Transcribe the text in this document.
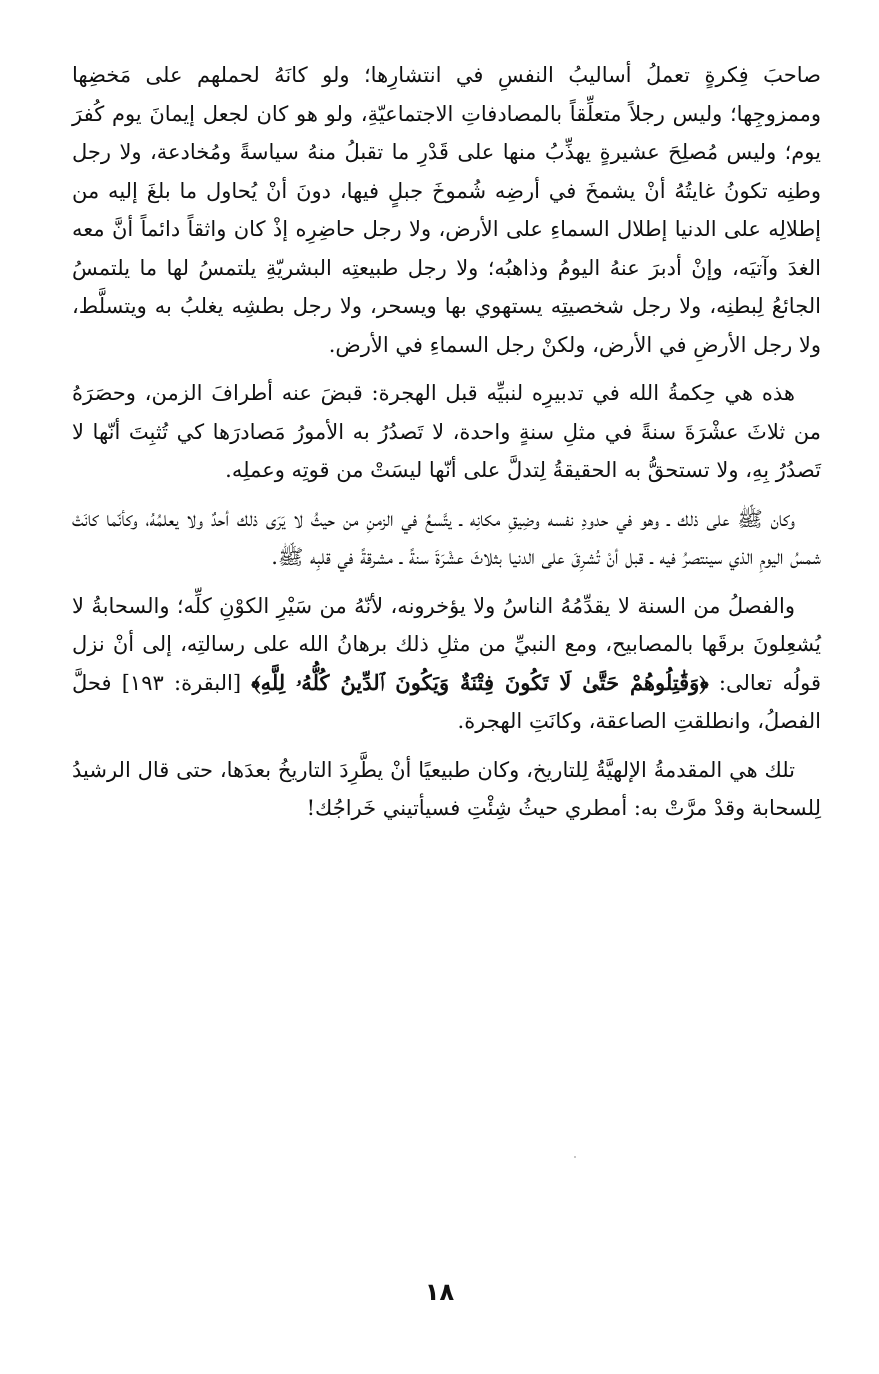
صاحبَ فِكرةٍ تعملُ أساليبُ النفسِ في انتشارِها؛ ولو كانَهُ لحملهم على مَخضِها وممزوجِها؛ وليس رجلاً متعلِّقاً بالمصادفاتِ الاجتماعيّةِ، ولو هو كان لجعل إيمانَ يوم كُفرَ يوم؛ وليس مُصلِحَ عشيرةٍ يهذِّبُ منها على قَدْرِ ما تقبلُ منهُ سياسةً ومُخادعة، ولا رجل وطنِه تكونُ غايتُهُ أنْ يشمخَ في أرضِه شُموخَ جبلٍ فيها، دونَ أنْ يُحاول ما بلغَ إليه من إطلالِه على الدنيا إطلال السماءِ على الأرض، ولا رجل حاضِرِه إذْ كان واثقاً دائماً أنَّ معه الغدَ وآتيَه، وإنْ أدبرَ عنهُ اليومُ وذاهبُه؛ ولا رجل طبيعتِه البشريّةِ يلتمسُ لها ما يلتمسُ الجائعُ لِبطنِه، ولا رجل شخصيتِه يستهوي بها ويسحر، ولا رجل بطشِه يغلبُ به ويتسلَّط، ولا رجل الأرضِ في الأرض، ولكنْ رجل السماءِ في الأرض.

هذه هي حِكمةُ الله في تدبيرِه لنبيِّه قبل الهجرة: قبضَ عنه أطرافَ الزمن، وحصَرَهُ من ثلاثَ عشْرَةَ سنةً في مثلِ سنةٍ واحدة، لا تَصدُرُ به الأمورُ مَصادرَها كي تُثبِتَ أنّها لا تَصدُرُ بِهِ، ولا تستحقُّ به الحقيقةُ لِتدلَّ على أنّها ليسَتْ من قوتِه وعملِه.

وكان ﷺ على ذلك ـ وهو في حدودِ نفسه وضِيقِ مكانِه ـ يتَّسعُ في الزمنِ من حيثُ لا يَرَى ذلك أحدٌ ولا يعلمُهُ، وكأنّما كانَتْ شمسُ اليومِ الذي سينتصرُ فيه ـ قبل أنْ تُشرِقَ على الدنيا بثلاثَ عشْرَةَ سنةً ـ مشرقةً في قلبِه ﷺ.

والفصلُ من السنة لا يقدِّمُهُ الناسُ ولا يؤخرونه، لأنّهُ من سَيْرِ الكوْنِ كلِّه؛ والسحابةُ لا يُشعِلونَ برقَها بالمصابيح، ومع النبيِّ من مثلِ ذلك برهانُ الله على رسالتِه، إلى أنْ نزل قولُه تعالى: ﴿وَقَٰتِلُوهُمْ حَتَّىٰ لَا تَكُونَ فِتْنَةٌ وَيَكُونَ ٱلدِّينُ كُلُّهُۥ لِلَّهِ﴾ [البقرة: ١٩٣] فحلَّ الفصلُ، وانطلقتِ الصاعقة، وكانَتِ الهجرة.

تلك هي المقدمةُ الإلهيَّةُ لِلتاريخ، وكان طبيعيًا أنْ يطَّرِدَ التاريخُ بعدَها، حتى قال الرشيدُ لِلسحابة وقدْ مرَّتْ به: أمطري حيثُ شِئْتِ فسيأتيني خَراجُك!

١٨
